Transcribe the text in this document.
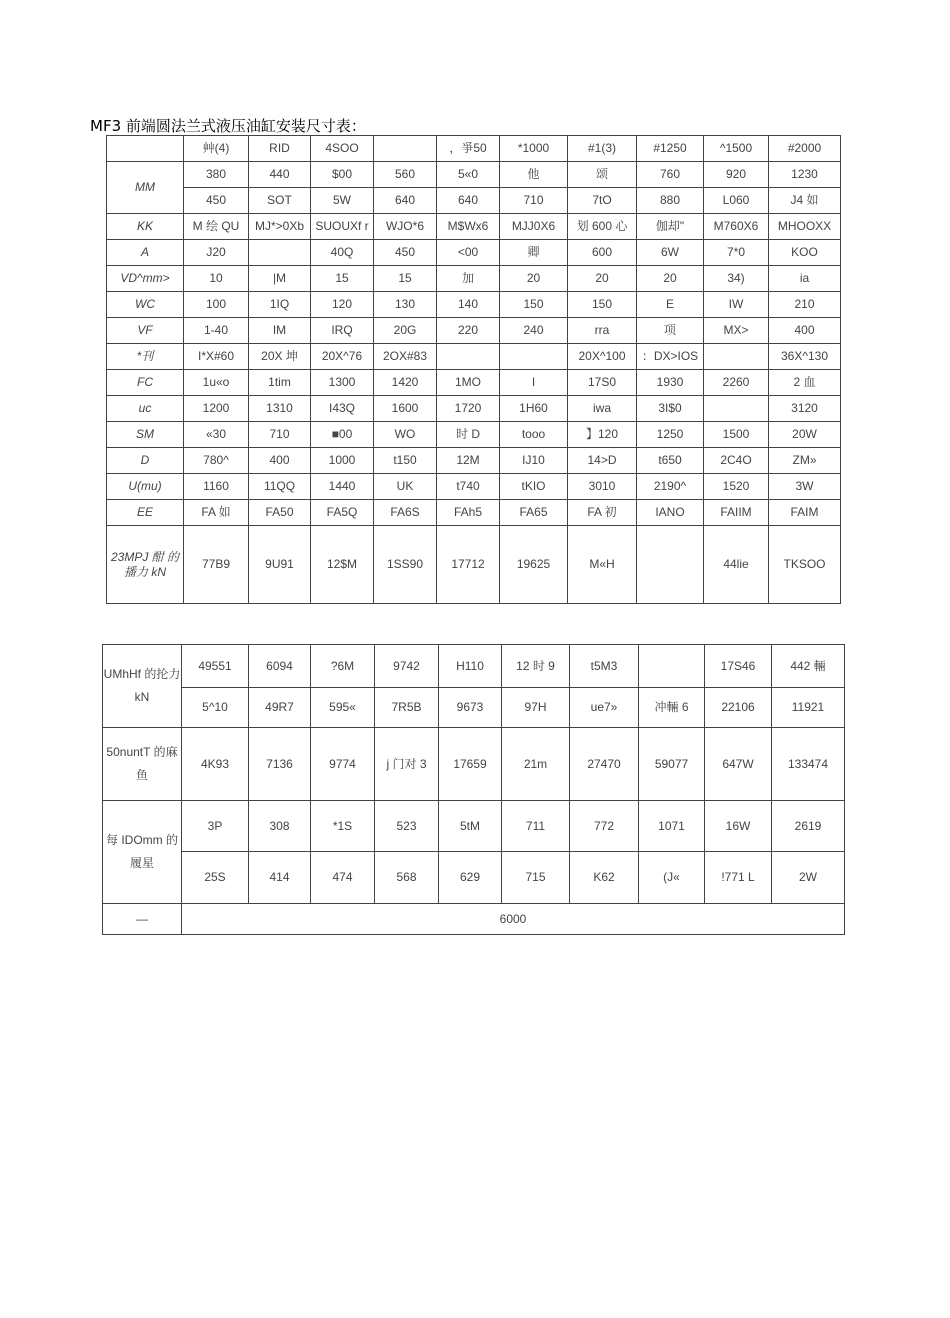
MF3 前端圆法兰式液压油缸安装尺寸表：
	艸(4)	RID	4SOO		，爭50	*1000	#1(3)	#1250	^1500	#2000
MM	380	440	$00	560	5«0	他	颂	760	920	1230
	450	SOT	5W	640	640	710	7tO	880	L060	J4 如
KK	M 绘 QU	MJ*>0Xb	SUOUXf r	WJO*6	M$Wx6	MJJ0X6	划 600 心	伽却"	M760X6	MHOOXX
A	J20		40Q	450	<00	卿	600	6W	7*0	KOO
VD^mm>	10	|M	15	15	加	20	20	20	34)	ia
WC	100	1IQ	120	130	140	150	150	E	IW	210
VF	1-40	IM	IRQ	20G	220	240	rra	项	MX>	400
*刊	I*X#60	20X 坤	20X^76	2OX#83			20X^100	：DX>IOS		36X^130
FC	1u«o	1tim	1300	1420	1MO	I	17S0	1930	2260	2 血
uc	1200	1310	I43Q	1600	1720	1H60	iwa	3I$0		3120
SM	«30	710	■00	WO	时 D	tooo	】120	1250	1500	20W
D	780^	400	1000	t150	12M	IJ10	14>D	t650	2C4O	ZM»
U(mu)	1160	11QQ	1440	UK	t740	tKIO	3010	2190^	1520	3W
EE	FA 如	FA50	FA5Q	FA6S	FAh5	FA65	FA 初	IANO	FAIIM	FAIM
23MPJ 酣 的播力 kN	77B9	9U91	12$M	1SS90	17712	19625	M«H		44lie	TKSOO
UMhHf 的抡力 kN	49551	6094	?6M	9742	H110	12 时 9	t5M3		17S46	442 輛
	5^10	49R7	595«	7R5B	9673	97H	ue7»	冲輛 6	22106	11921
50nuntT 的麻鱼	4K93	7136	9774	j 门对 3	17659	21m	27470	59077	647W	133474
每 IDOmm 的履星	3P	308	*1S	523	5tM	711	772	1071	16W	2619
	25S	414	474	568	629	715	K62	(J«	!771 L	2W
—	6000									
